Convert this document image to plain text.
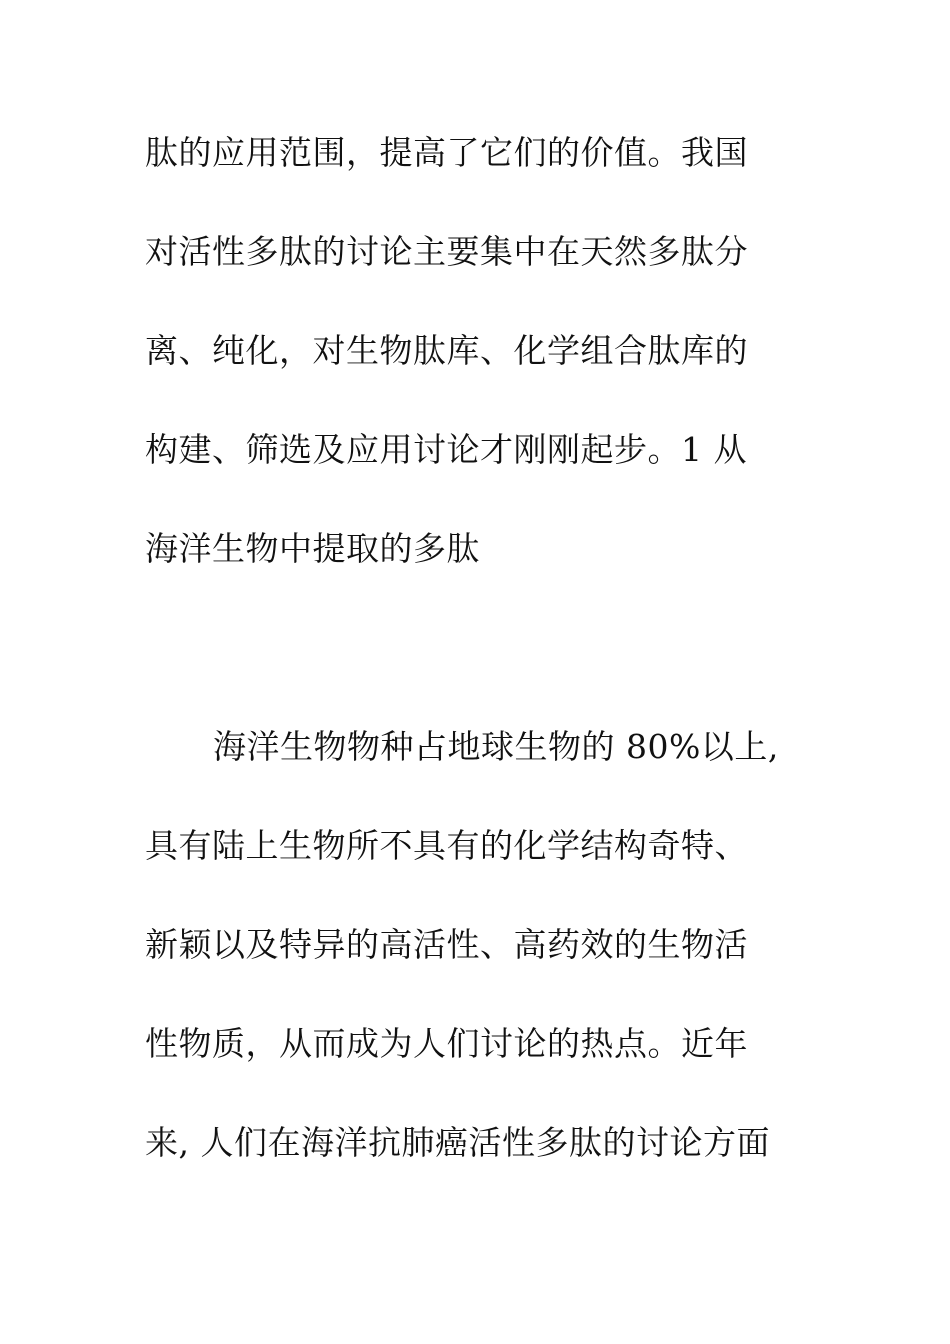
肽的应用范围，提高了它们的价值。我国
对活性多肽的讨论主要集中在天然多肽分
离、纯化，对生物肽库、化学组合肽库的
构建、筛选及应用讨论才刚刚起步。1 从
海洋生物中提取的多肽
海洋生物物种占地球生物的 80%以上,
具有陆上生物所不具有的化学结构奇特、
新颖以及特异的高活性、高药效的生物活
性物质，从而成为人们讨论的热点。近年
来, 人们在海洋抗肺癌活性多肽的讨论方面
